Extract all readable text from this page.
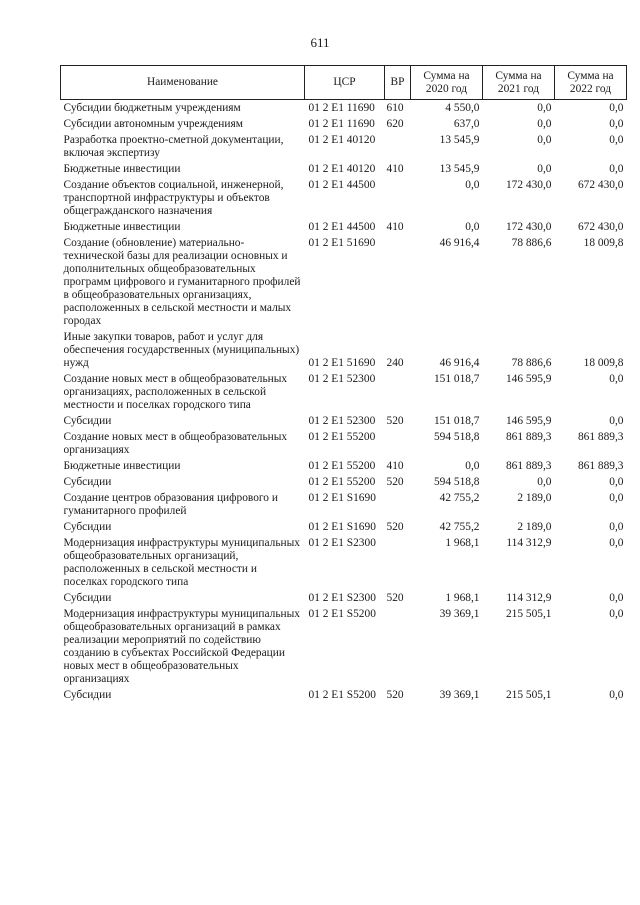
611
Наименование	ЦСР	ВР	Сумма на 2020 год	Сумма на 2021 год	Сумма на 2022 год
Субсидии бюджетным учреждениям	01 2 E1 11690	610	4 550,0	0,0	0,0
Субсидии автономным учреждениям	01 2 E1 11690	620	637,0	0,0	0,0
Разработка проектно-сметной документации, включая экспертизу	01 2 E1 40120		13 545,9	0,0	0,0
Бюджетные инвестиции	01 2 E1 40120	410	13 545,9	0,0	0,0
Создание объектов социальной, инженерной, транспортной инфраструктуры и объектов общегражданского назначения	01 2 E1 44500		0,0	172 430,0	672 430,0
Бюджетные инвестиции	01 2 E1 44500	410	0,0	172 430,0	672 430,0
Создание (обновление) материально-технической базы для реализации основных и дополнительных общеобразовательных программ цифрового и гуманитарного профилей в общеобразовательных организациях, расположенных в сельской местности и малых городах	01 2 E1 51690		46 916,4	78 886,6	18 009,8
Иные закупки товаров, работ и услуг для обеспечения государственных (муниципальных) нужд	01 2 E1 51690	240	46 916,4	78 886,6	18 009,8
Создание новых мест в общеобразовательных организациях, расположенных в сельской местности и поселках городского типа	01 2 E1 52300		151 018,7	146 595,9	0,0
Субсидии	01 2 E1 52300	520	151 018,7	146 595,9	0,0
Создание новых мест в общеобразовательных организациях	01 2 E1 55200		594 518,8	861 889,3	861 889,3
Бюджетные инвестиции	01 2 E1 55200	410	0,0	861 889,3	861 889,3
Субсидии	01 2 E1 55200	520	594 518,8	0,0	0,0
Создание центров образования цифрового и гуманитарного профилей	01 2 E1 S1690		42 755,2	2 189,0	0,0
Субсидии	01 2 E1 S1690	520	42 755,2	2 189,0	0,0
Модернизация инфраструктуры муниципальных общеобразовательных организаций, расположенных в сельской местности и поселках городского типа	01 2 E1 S2300		1 968,1	114 312,9	0,0
Субсидии	01 2 E1 S2300	520	1 968,1	114 312,9	0,0
Модернизация инфраструктуры муниципальных общеобразовательных организаций в рамках реализации мероприятий по содействию созданию в субъектах Российской Федерации новых мест в общеобразовательных организациях	01 2 E1 S5200		39 369,1	215 505,1	0,0
Субсидии	01 2 E1 S5200	520	39 369,1	215 505,1	0,0
